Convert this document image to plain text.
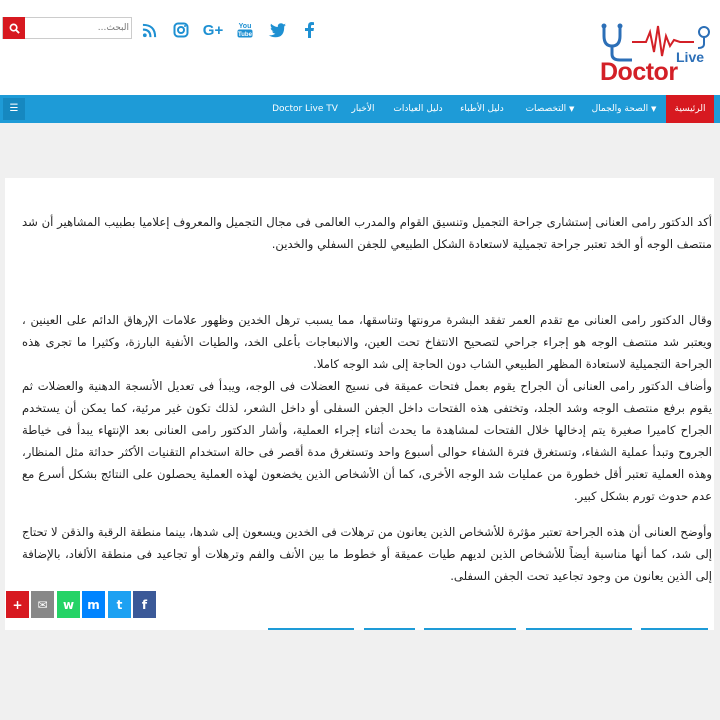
Live
Doctor
You
Tube
G+
البحث...
الرئيسية
الصحة والجمال ▼
التخصصات ▼
دليل الأطباء
دليل العيادات
الأخبار
Doctor Live TV
☰
أكد الدكتور رامى العنانى إستشارى جراحة التجميل وتنسيق القوام والمدرب العالمى فى مجال التجميل والمعروف إعلاميا بطبيب المشاهير أن شد منتصف الوجه أو الخد تعتبر جراحة تجميلية لاستعادة الشكل الطبيعي للجفن السفلي والخدين.
وقال الدكتور رامى العنانى مع تقدم العمر تفقد البشرة مرونتها وتناسقها، مما يسبب ترهل الخدين وظهور علامات الإرهاق الدائم على العينين ، ويعتبر شد منتصف الوجه هو إجراء جراحي لتصحيح الانتفاخ تحت العين، والانبعاجات بأعلى الخد، والطيات الأنفية البارزة، وكثيرا ما تجرى هذه الجراحة التجميلية لاستعادة المظهر الطبيعي الشاب دون الحاجة إلى شد الوجه كاملا.
وأضاف الدكتور رامى العنانى أن الجراح يقوم بعمل فتحات عميقة فى نسيج العضلات فى الوجه، ويبدأ فى تعديل الأنسجة الدهنية والعضلات ثم يقوم برفع منتصف الوجه وشد الجلد، وتختفى هذه الفتحات داخل الجفن السفلى أو داخل الشعر، لذلك تكون غير مرئية، كما يمكن أن يستخدم الجراح كاميرا صغيرة يتم إدخالها خلال الفتحات لمشاهدة ما يحدث أثناء إجراء العملية، وأشار الدكتور رامى العنانى بعد الإنتهاء يبدأ فى خياطة الجروح وتبدأ عملية الشفاء، وتستغرق فترة الشفاء حوالى أسبوع واحد وتستغرق مدة أقصر فى حالة استخدام التقنيات الأكثر حداثة مثل المنظار، وهذه العملية تعتبر أقل خطورة من عمليات شد الوجه الأخرى، كما أن الأشخاص الذين يخضعون لهذه العملية يحصلون على النتائج بشكل أسرع مع عدم حدوث تورم بشكل كبير.
وأوضح العنانى أن هذه الجراحة تعتبر مؤثرة للأشخاص الذين يعانون من ترهلات فى الخدين ويسعون إلى شدها، بينما منطقة الرقبة والذقن لا تحتاج إلى شد، كما أنها مناسبة أيضاً للأشخاص الذين لديهم طيات عميقة أو خطوط ما بين الأنف والفم وترهلات أو تجاعيد فى منطقة الألغاد، بالإضافة إلى الذين يعانون من وجود تجاعيد تحت الجفن السفلى.
f
t
m
w
✉
+
